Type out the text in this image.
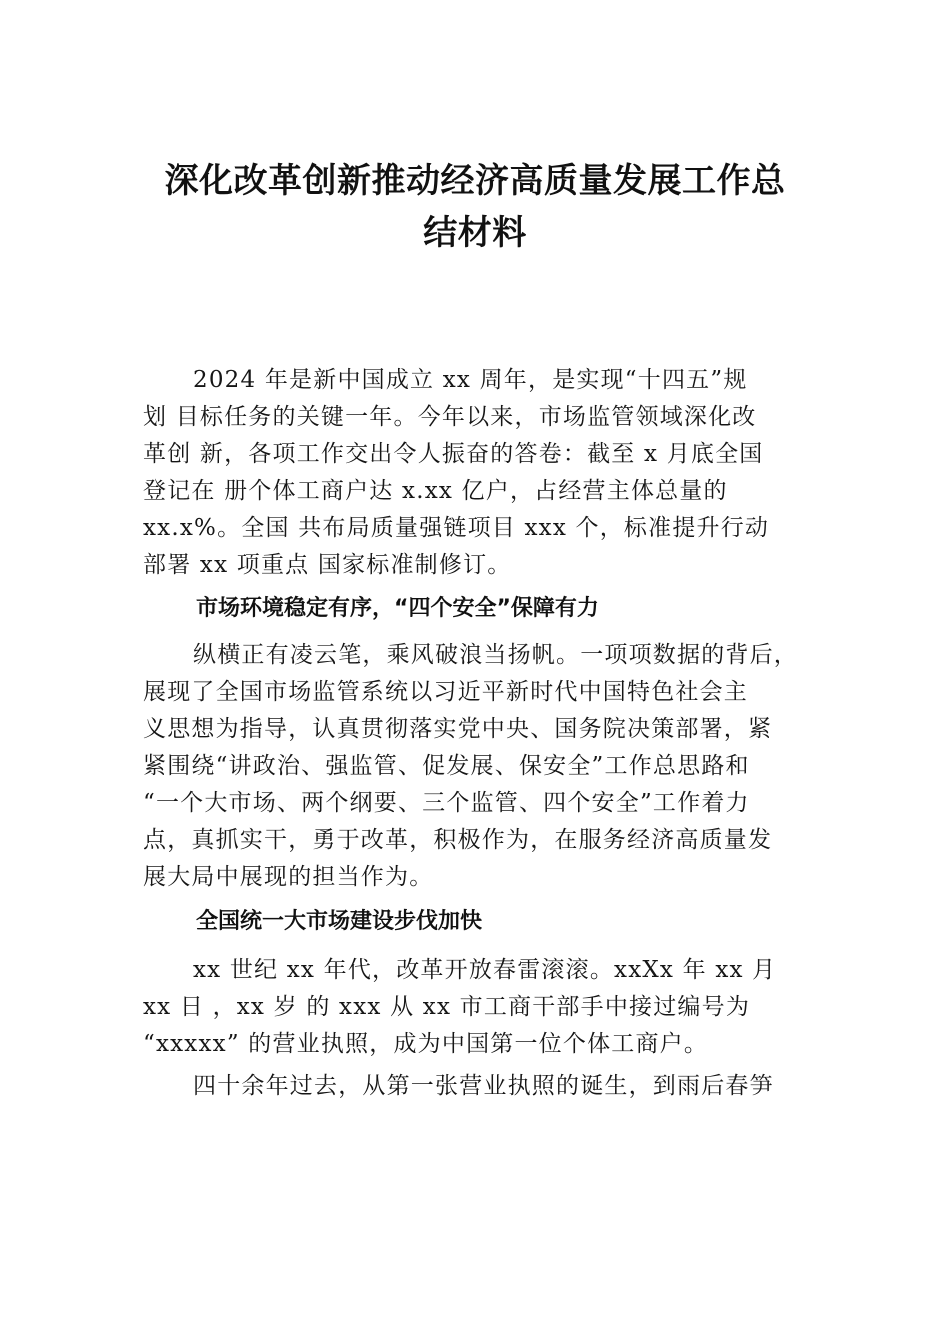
深化改革创新推动经济高质量发展工作总
结材料
2024 年是新中国成立 xx 周年，是实现“十四五”规
划 目标任务的关键一年。今年以来，市场监管领域深化改
革创 新，各项工作交出令人振奋的答卷：截至 x 月底全国
登记在 册个体工商户达 x.xx 亿户，占经营主体总量的
xx.x%。全国 共布局质量强链项目 xxx 个，标准提升行动
部署 xx 项重点 国家标准制修订。
市场环境稳定有序，“四个安全”保障有力
纵横正有凌云笔，乘风破浪当扬帆。一项项数据的背后，
展现了全国市场监管系统以习近平新时代中国特色社会主
义思想为指导，认真贯彻落实党中央、国务院决策部署，紧
紧围绕“讲政治、强监管、促发展、保安全”工作总思路和
“一个大市场、两个纲要、三个监管、四个安全”工作着力
点，真抓实干，勇于改革，积极作为，在服务经济高质量发
展大局中展现的担当作为。
全国统一大市场建设步伐加快
xx 世纪 xx 年代，改革开放春雷滚滚。xxXx 年 xx 月
xx 日 ，xx 岁 的 xxx 从 xx 市工商干部手中接过编号为
“xxxxx” 的营业执照，成为中国第一位个体工商户。
四十余年过去，从第一张营业执照的诞生，到雨后春笋
